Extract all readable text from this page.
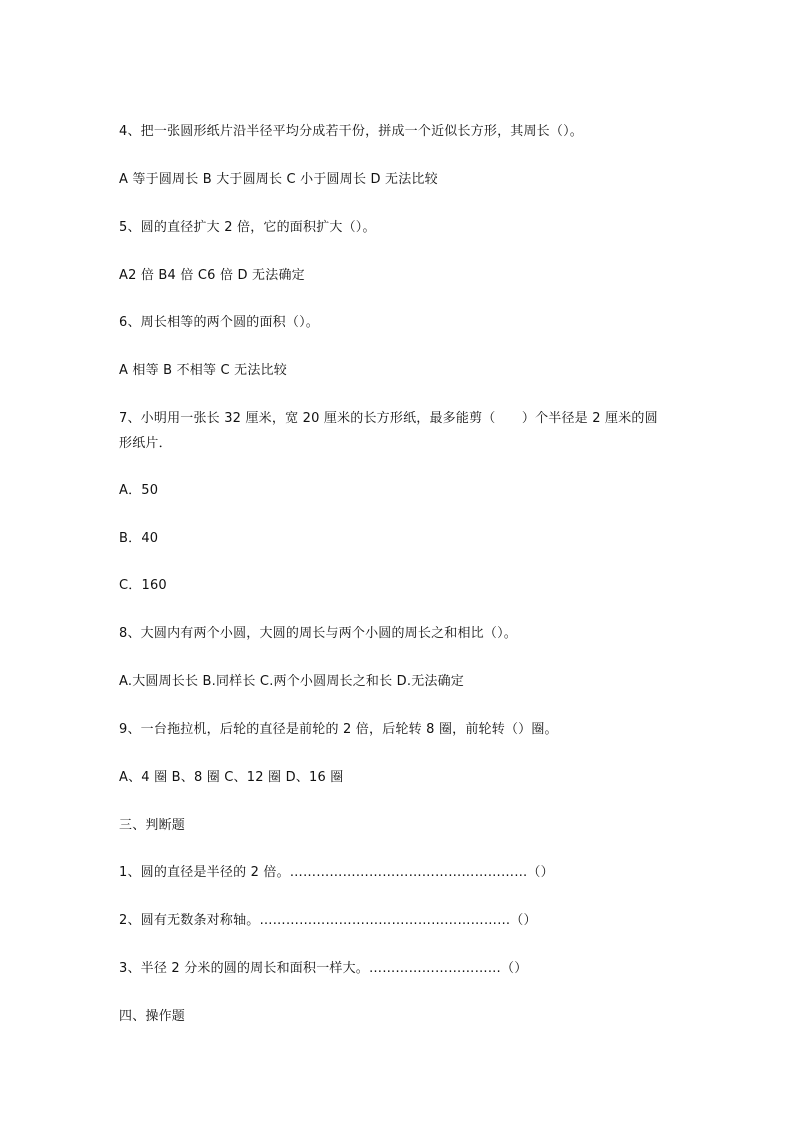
4、把一张圆形纸片沿半径平均分成若干份，拼成一个近似长方形，其周长（）。
A 等于圆周长 B 大于圆周长 C 小于圆周长 D 无法比较
5、圆的直径扩大 2 倍，它的面积扩大（）。
A2 倍 B4 倍 C6 倍 D 无法确定
6、周长相等的两个圆的面积（）。
A 相等 B 不相等 C 无法比较
7、小明用一张长 32 厘米，宽 20 厘米的长方形纸，最多能剪（　　）个半径是 2 厘米的圆
形纸片．
A．50
B．40
C．160
8、大圆内有两个小圆，大圆的周长与两个小圆的周长之和相比（）。
A.大圆周长长 B.同样长 C.两个小圆周长之和长 D.无法确定
9、一台拖拉机，后轮的直径是前轮的 2 倍，后轮转 8 圈，前轮转（）圈。
A、4 圈 B、8 圈 C、12 圈 D、16 圈
三、判断题
1、圆的直径是半径的 2 倍。………………………………………………（）
2、圆有无数条对称轴。…………………………………………………（）
3、半径 2 分米的圆的周长和面积一样大。…………………………（）
四、操作题
